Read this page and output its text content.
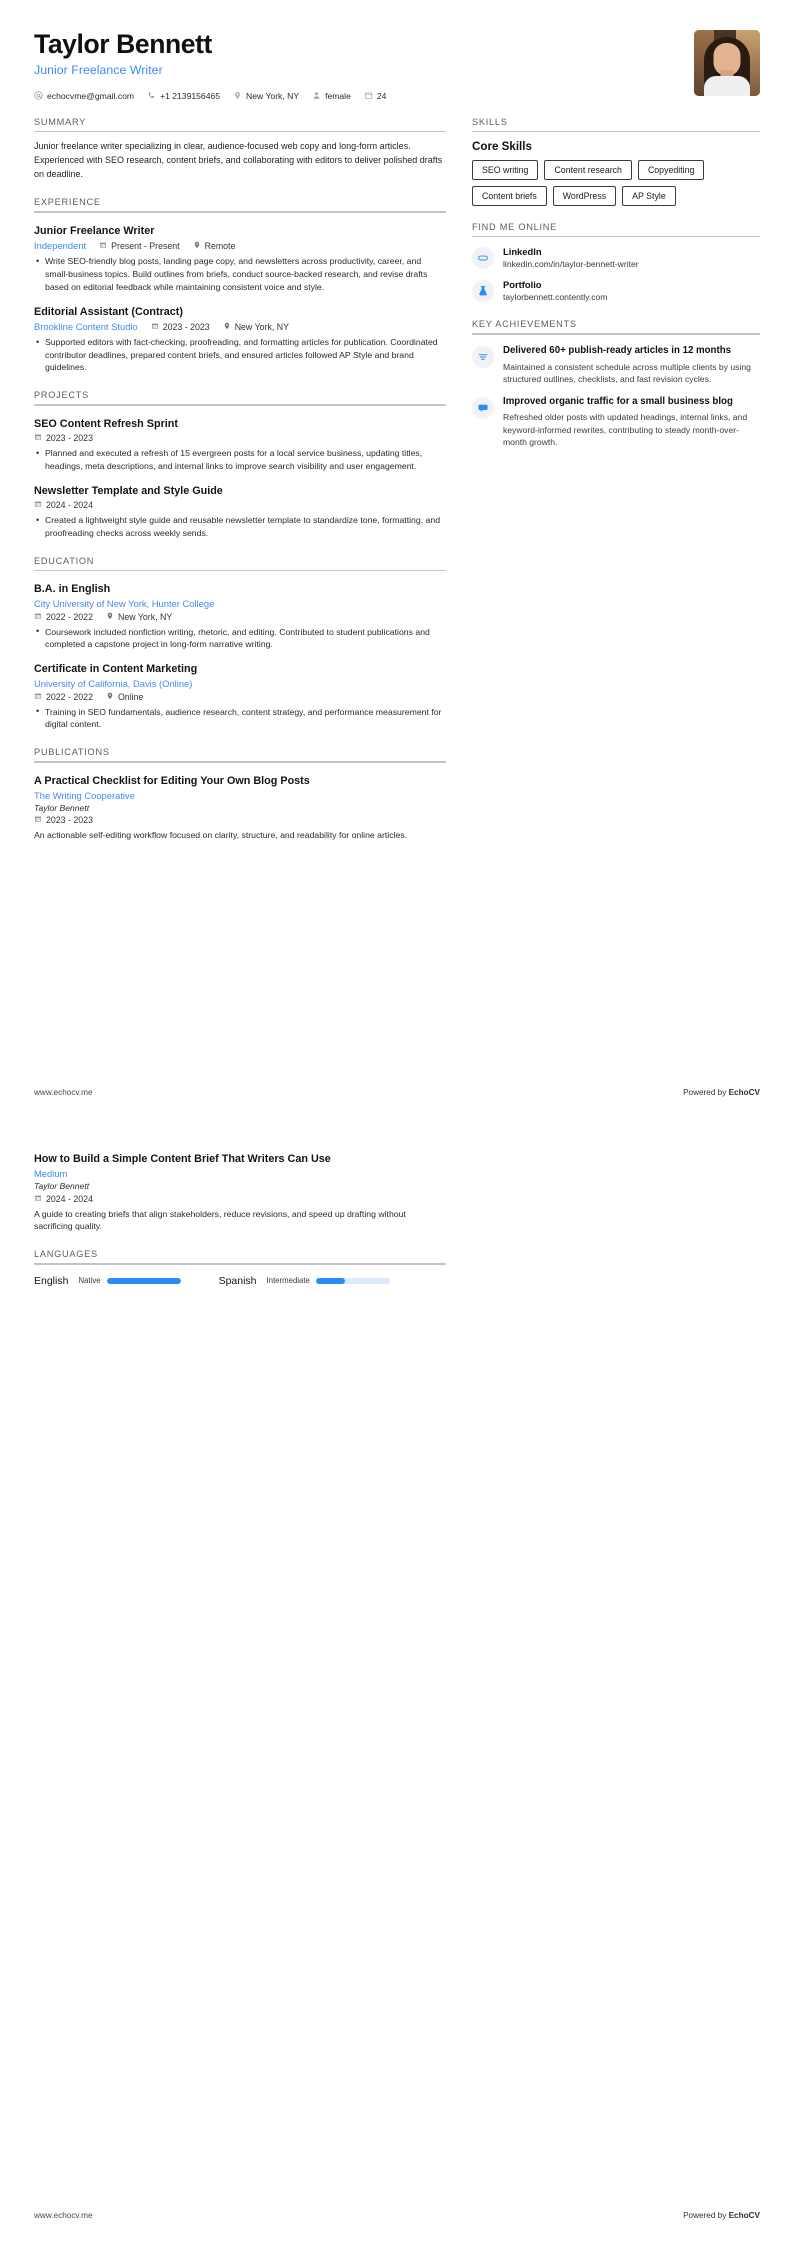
Taylor Bennett
Junior Freelance Writer
echocvme@gmail.com	+1 2139156465	New York, NY	female	24
SUMMARY
Junior freelance writer specializing in clear, audience-focused web copy and long-form articles. Experienced with SEO research, content briefs, and collaborating with editors to deliver polished drafts on deadline.
EXPERIENCE
Junior Freelance Writer
Independent	Present - Present	Remote
• Write SEO-friendly blog posts, landing page copy, and newsletters across productivity, career, and small-business topics. Build outlines from briefs, conduct source-backed research, and revise drafts based on editorial feedback while maintaining consistent voice and style.
Editorial Assistant (Contract)
Brookline Content Studio	2023 - 2023	New York, NY
• Supported editors with fact-checking, proofreading, and formatting articles for publication. Coordinated contributor deadlines, prepared content briefs, and ensured articles followed AP Style and brand guidelines.
PROJECTS
SEO Content Refresh Sprint
2023 - 2023
• Planned and executed a refresh of 15 evergreen posts for a local service business, updating titles, headings, meta descriptions, and internal links to improve search visibility and user engagement.
Newsletter Template and Style Guide
2024 - 2024
• Created a lightweight style guide and reusable newsletter template to standardize tone, formatting, and proofreading checks across weekly sends.
EDUCATION
B.A. in English
City University of New York, Hunter College
2022 - 2022	New York, NY
• Coursework included nonfiction writing, rhetoric, and editing. Contributed to student publications and completed a capstone project in long-form narrative writing.
Certificate in Content Marketing
University of California, Davis (Online)
2022 - 2022	Online
• Training in SEO fundamentals, audience research, content strategy, and performance measurement for digital content.
PUBLICATIONS
A Practical Checklist for Editing Your Own Blog Posts
The Writing Cooperative
Taylor Bennett
2023 - 2023
An actionable self-editing workflow focused on clarity, structure, and readability for online articles.
SKILLS
Core Skills
SEO writing	Content research	Copyediting
Content briefs	WordPress	AP Style
FIND ME ONLINE
LinkedIn
linkedin.com/in/taylor-bennett-writer
Portfolio
taylorbennett.contently.com
KEY ACHIEVEMENTS
Delivered 60+ publish-ready articles in 12 months
Maintained a consistent schedule across multiple clients by using structured outlines, checklists, and fast revision cycles.
Improved organic traffic for a small business blog
Refreshed older posts with updated headings, internal links, and keyword-informed rewrites, contributing to steady month-over-month growth.
www.echocv.me	Powered by EchoCV
How to Build a Simple Content Brief That Writers Can Use
Medium
Taylor Bennett
2024 - 2024
A guide to creating briefs that align stakeholders, reduce revisions, and speed up drafting without sacrificing quality.
LANGUAGES
English Native	Spanish Intermediate
www.echocv.me	Powered by EchoCV
